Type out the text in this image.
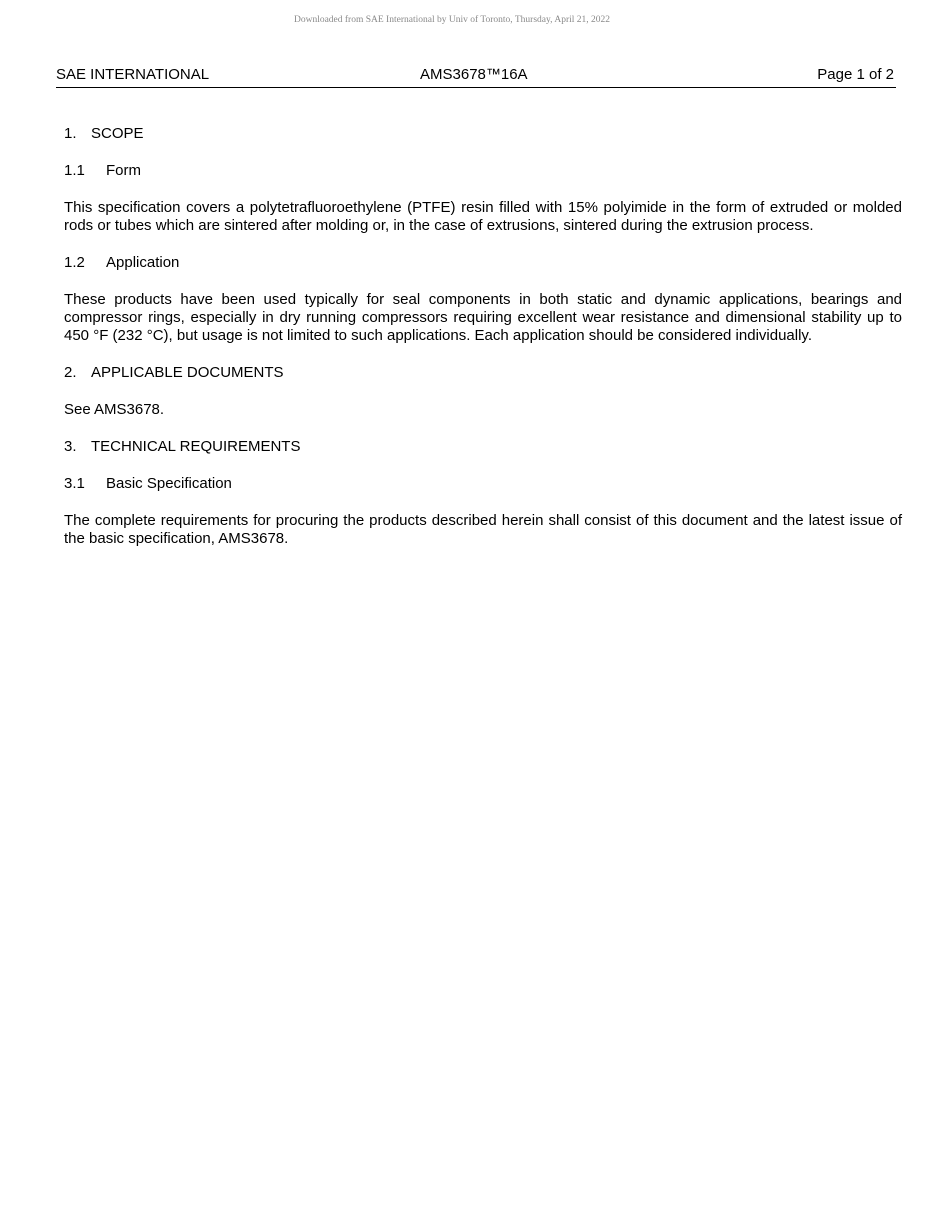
Downloaded from SAE International by Univ of Toronto, Thursday, April 21, 2022
SAE INTERNATIONAL	AMS3678™16A	Page 1 of 2
1. SCOPE
1.1 Form

This specification covers a polytetrafluoroethylene (PTFE) resin filled with 15% polyimide in the form of extruded or molded rods or tubes which are sintered after molding or, in the case of extrusions, sintered during the extrusion process.

1.2 Application

These products have been used typically for seal components in both static and dynamic applications, bearings and compressor rings, especially in dry running compressors requiring excellent wear resistance and dimensional stability up to 450 °F (232 °C), but usage is not limited to such applications. Each application should be considered individually.

2. APPLICABLE DOCUMENTS

See AMS3678.

3. TECHNICAL REQUIREMENTS
3.1 Basic Specification

The complete requirements for procuring the products described herein shall consist of this document and the latest issue of the basic specification, AMS3678.
